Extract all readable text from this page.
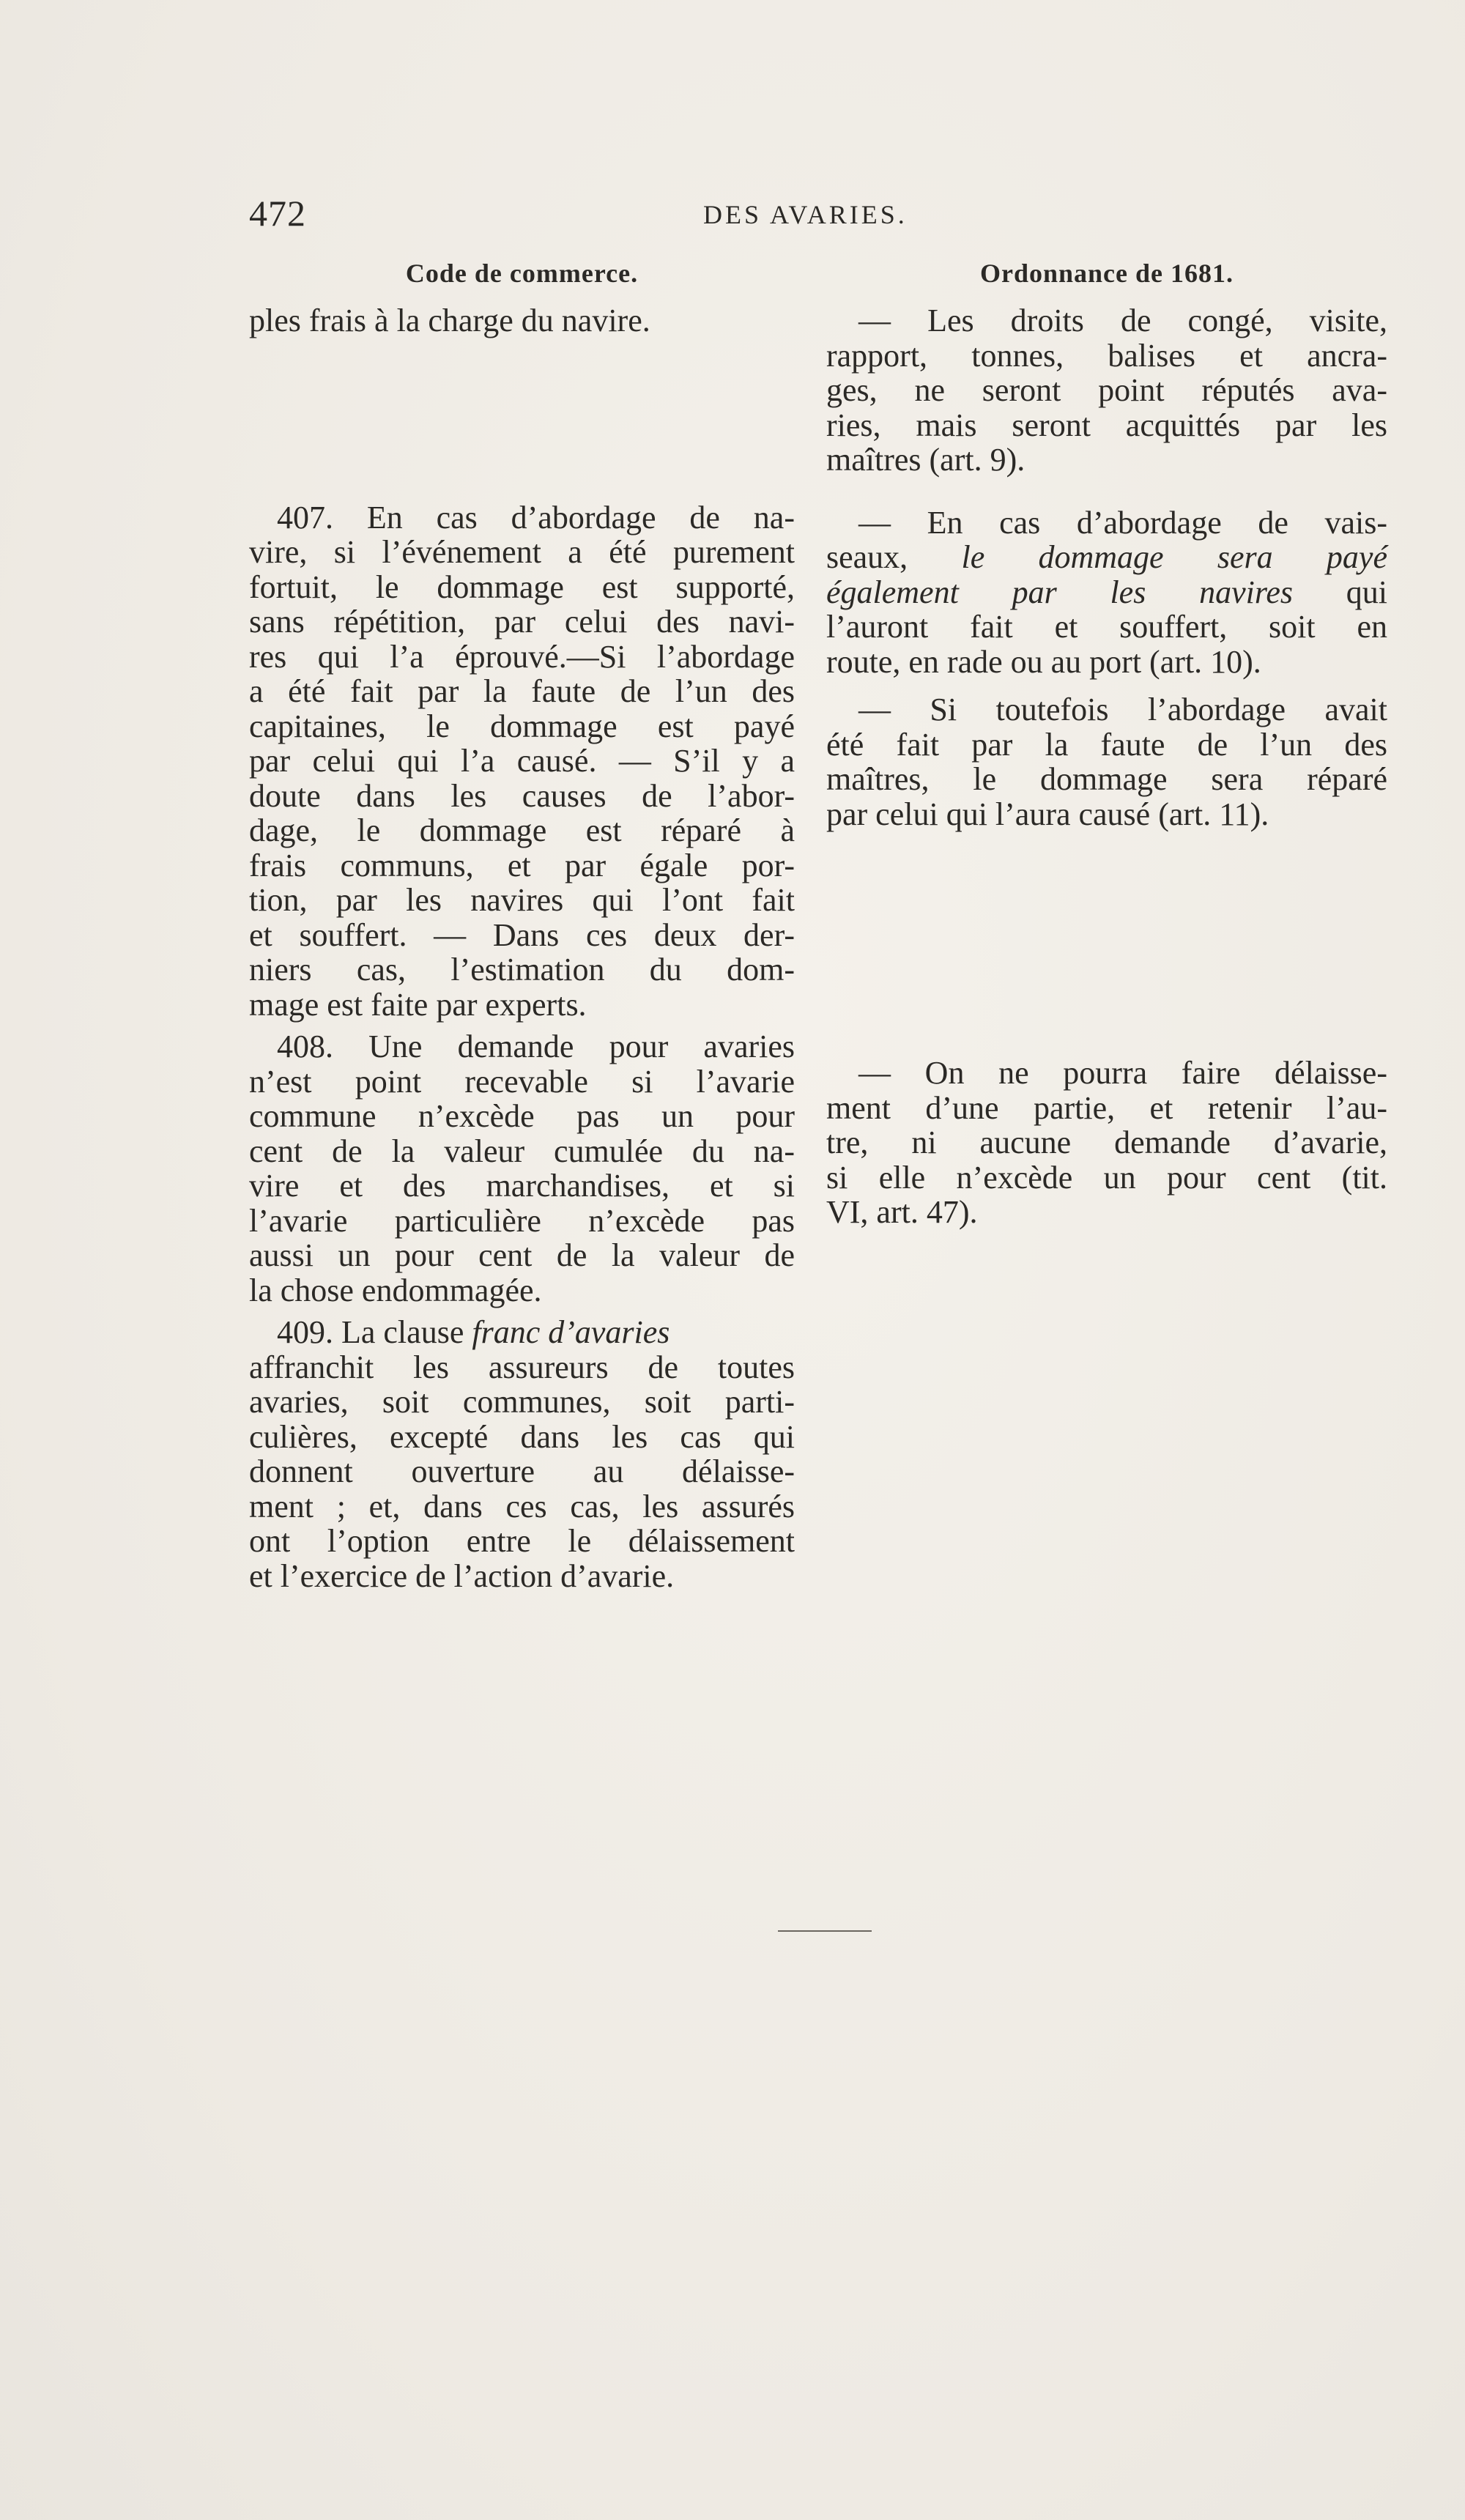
472	DES AVARIES.
Code de commerce.
ples frais à la charge du navire.
407. En cas d’abordage de na-
vire, si l’événement a été purement
fortuit, le dommage est supporté,
sans répétition, par celui des navi-
res qui l’a éprouvé.—Si l’abordage
a été fait par la faute de l’un des
capitaines, le dommage est payé
par celui qui l’a causé. — S’il y a
doute dans les causes de l’abor-
dage, le dommage est réparé à
frais communs, et par égale por-
tion, par les navires qui l’ont fait
et souffert. — Dans ces deux der-
niers cas, l’estimation du dom-
mage est faite par experts.
408. Une demande pour avaries
n’est point recevable si l’avarie
commune n’excède pas un pour
cent de la valeur cumulée du na-
vire et des marchandises, et si
l’avarie particulière n’excède pas
aussi un pour cent de la valeur de
la chose endommagée.
409. La clause franc d’avaries
affranchit les assureurs de toutes
avaries, soit communes, soit parti-
culières, excepté dans les cas qui
donnent ouverture au délaisse-
ment ; et, dans ces cas, les assurés
ont l’option entre le délaissement
et l’exercice de l’action d’avarie.
Ordonnance de 1681.
— Les droits de congé, visite,
rapport, tonnes, balises et ancra-
ges, ne seront point réputés ava-
ries, mais seront acquittés par les
maîtres (art. 9).
— En cas d’abordage de vais-
seaux, le dommage sera payé
également par les navires qui
l’auront fait et souffert, soit en
route, en rade ou au port (art. 10).
— Si toutefois l’abordage avait
été fait par la faute de l’un des
maîtres, le dommage sera réparé
par celui qui l’aura causé (art. 11).
— On ne pourra faire délaisse-
ment d’une partie, et retenir l’au-
tre, ni aucune demande d’avarie,
si elle n’excède un pour cent (tit.
VI, art. 47).
